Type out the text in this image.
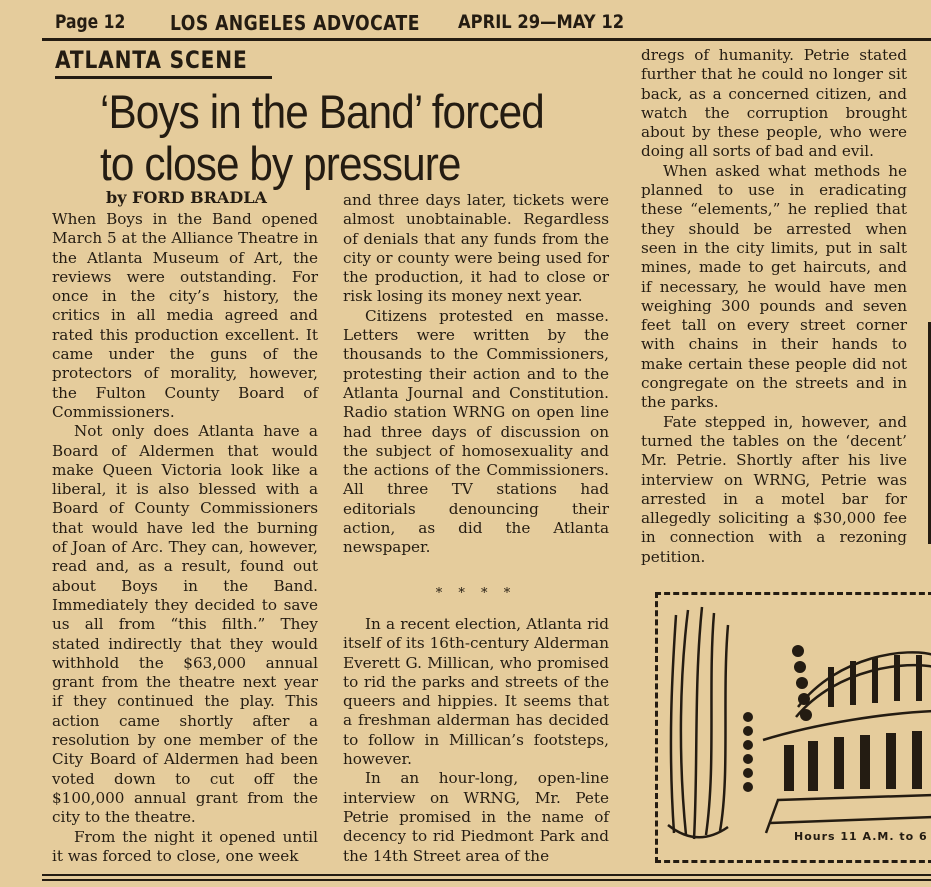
Page 12 LOS ANGELES ADVOCATE APRIL 29—MAY 12
ATLANTA SCENE
‘Boys in the Band’ forced
to close by pressure
by FORD BRADLA

When Boys in the Band opened March 5 at the Alliance Theatre in the Atlanta Museum of Art, the reviews were outstanding. For once in the city’s history, the critics in all media agreed and rated this production excellent. It came under the guns of the protectors of morality, however, the Fulton County Board of Commissioners.

Not only does Atlanta have a Board of Aldermen that would make Queen Victoria look like a liberal, it is also blessed with a Board of County Commissioners that would have led the burning of Joan of Arc. They can, however, read and, as a result, found out about Boys in the Band. Immediately they decided to save us all from “this filth.” They stated indirectly that they would withhold the $63,000 annual grant from the theatre next year if they continued the play. This action came shortly after a resolution by one member of the City Board of Aldermen had been voted down to cut off the $100,000 annual grant from the city to the theatre.

From the night it opened until it was forced to close, one week

and three days later, tickets were almost unobtainable. Regardless of denials that any funds from the city or county were being used for the production, it had to close or risk losing its money next year.

Citizens protested en masse. Letters were written by the thousands to the Commissioners, protesting their action and to the Atlanta Journal and Constitution. Radio station WRNG on open line had three days of discussion on the subject of homosexuality and the actions of the Commissioners. All three TV stations had editorials denouncing their action, as did the Atlanta newspaper.

* * * *

In a recent election, Atlanta rid itself of its 16th-century Alderman Everett G. Millican, who promised to rid the parks and streets of the queers and hippies. It seems that a freshman alderman has decided to follow in Millican’s footsteps, however.

In an hour-long, open-line interview on WRNG, Mr. Pete Petrie promised in the name of decency to rid Piedmont Park and the 14th Street area of the

dregs of humanity. Petrie stated further that he could no longer sit back, as a concerned citizen, and watch the corruption brought about by these people, who were doing all sorts of bad and evil.

When asked what methods he planned to use in eradicating these “elements,” he replied that they should be arrested when seen in the city limits, put in salt mines, made to get haircuts, and if necessary, he would have men weighing 300 pounds and seven feet tall on every street corner with chains in their hands to make certain these people did not congregate on the streets and in the parks.

Fate stepped in, however, and turned the tables on the ‘decent’ Mr. Petrie. Shortly after his live interview on WRNG, Petrie was arrested in a motel bar for allegedly soliciting a $30,000 fee in connection with a rezoning petition.

Hours 11 A.M. to 6
